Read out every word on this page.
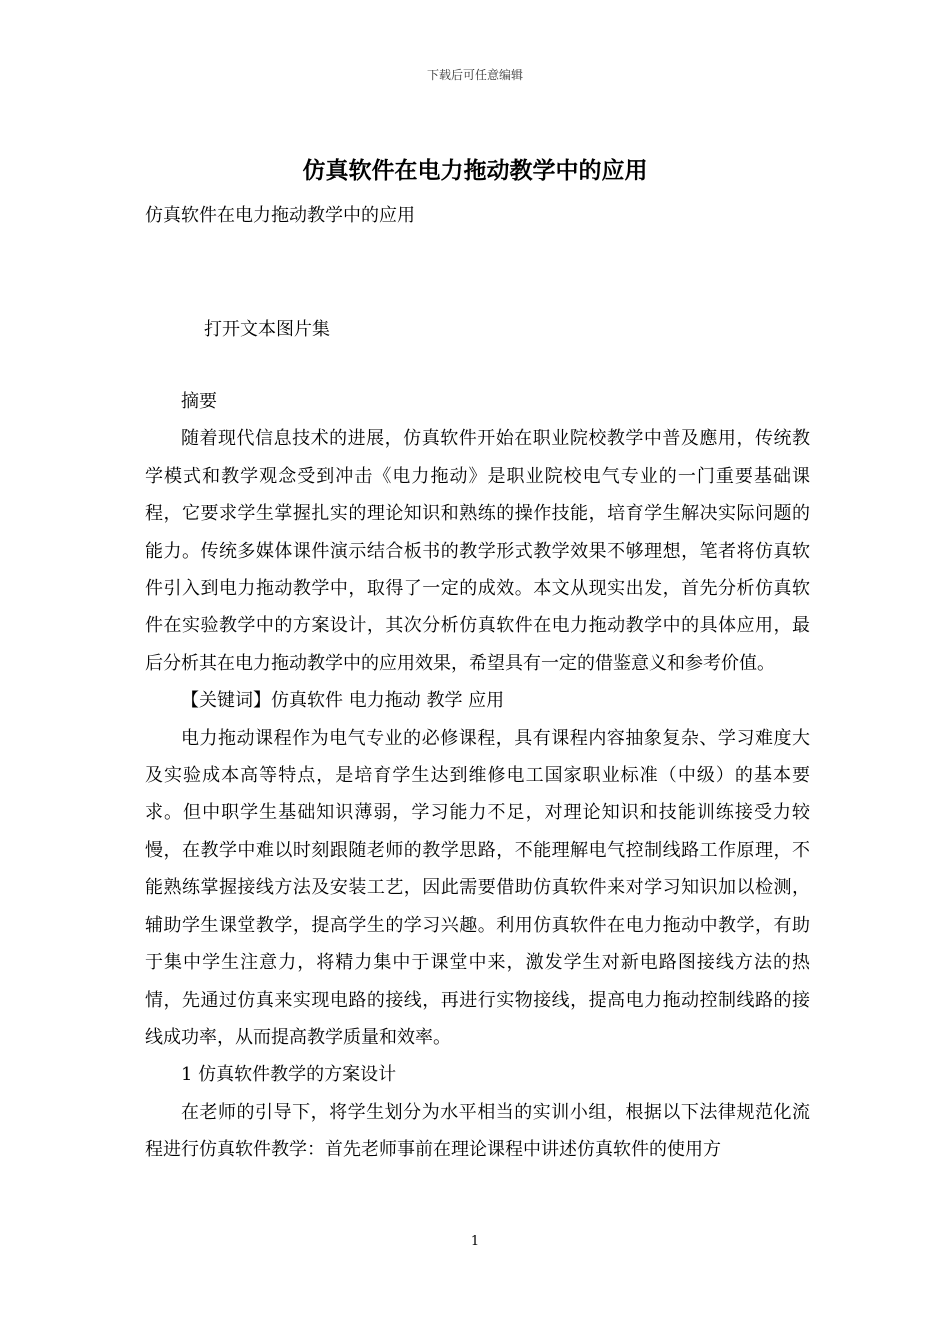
下载后可任意编辑
仿真软件在电力拖动教学中的应用
仿真软件在电力拖动教学中的应用
打开文本图片集

摘要

随着现代信息技术的进展，仿真软件开始在职业院校教学中普及應用，传统教学模式和教学观念受到冲击《电力拖动》是职业院校电气专业的一门重要基础课程，它要求学生掌握扎实的理论知识和熟练的操作技能，培育学生解决实际问题的能力。传统多媒体课件演示结合板书的教学形式教学效果不够理想，笔者将仿真软件引入到电力拖动教学中，取得了一定的成效。本文从现实出发，首先分析仿真软件在实验教学中的方案设计，其次分析仿真软件在电力拖动教学中的具体应用，最后分析其在电力拖动教学中的应用效果，希望具有一定的借鉴意义和参考价值。

【关键词】仿真软件 电力拖动 教学 应用

电力拖动课程作为电气专业的必修课程，具有课程内容抽象复杂、学习难度大及实验成本高等特点，是培育学生达到维修电工国家职业标准（中级）的基本要求。但中职学生基础知识薄弱，学习能力不足，对理论知识和技能训练接受力较慢，在教学中难以时刻跟随老师的教学思路，不能理解电气控制线路工作原理，不能熟练掌握接线方法及安装工艺，因此需要借助仿真软件来对学习知识加以检测，辅助学生课堂教学，提高学生的学习兴趣。利用仿真软件在电力拖动中教学，有助于集中学生注意力，将精力集中于课堂中来，激发学生对新电路图接线方法的热情，先通过仿真来实现电路的接线，再进行实物接线，提高电力拖动控制线路的接线成功率，从而提高教学质量和效率。

1 仿真软件教学的方案设计

在老师的引导下，将学生划分为水平相当的实训小组，根据以下法律规范化流程进行仿真软件教学：首先老师事前在理论课程中讲述仿真软件的使用方

1
